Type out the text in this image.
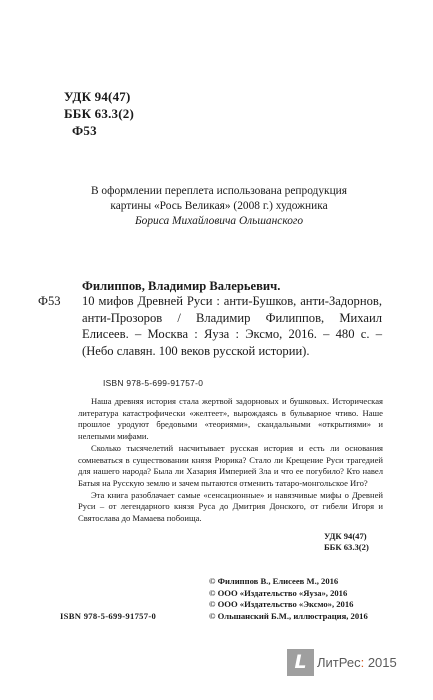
УДК 94(47)
ББК 63.3(2)
Ф53
В оформлении переплета использована репродукция
картины «Рось Великая» (2008 г.) художника
Бориса Михайловича Ольшанского
Филиппов, Владимир Валерьевич.
Ф53 10 мифов Древней Руси : анти-Бушков, анти-Задорнов, анти-Прозоров / Владимир Филиппов, Михаил Елисеев. – Москва : Яуза : Эксмо, 2016. – 480 с. – (Небо славян. 100 веков русской истории).
ISBN 978-5-699-91757-0

Наша древняя история стала жертвой задорновых и бушковых. Историческая литература катастрофически «желтеет», вырождаясь в бульварное чтиво. Наше прошлое уродуют бредовыми «теориями», скандальными «открытиями» и нелепыми мифами.

Сколько тысячелетий насчитывает русская история и есть ли основания сомневаться в существовании князя Рюрика? Стало ли Крещение Руси трагедией для нашего народа? Была ли Хазария Империей Зла и что ее погубило? Кто навел Батыя на Русскую землю и зачем пытаются отменить татаро-монгольское Иго?

Эта книга разоблачает самые «сенсационные» и навязчивые мифы о Древней Руси – от легендарного князя Руса до Дмитрия Донского, от гибели Игоря и Святослава до Мамаева побоища.

УДК 94(47)
ББК 63.3(2)
© Филиппов В., Елисеев М., 2016
© ООО «Издательство «Яуза», 2016
© ООО «Издательство «Эксмо», 2016
© Ольшанский Б.М., иллюстрация, 2016
ISBN 978-5-699-91757-0
L ЛитРес: 2015
